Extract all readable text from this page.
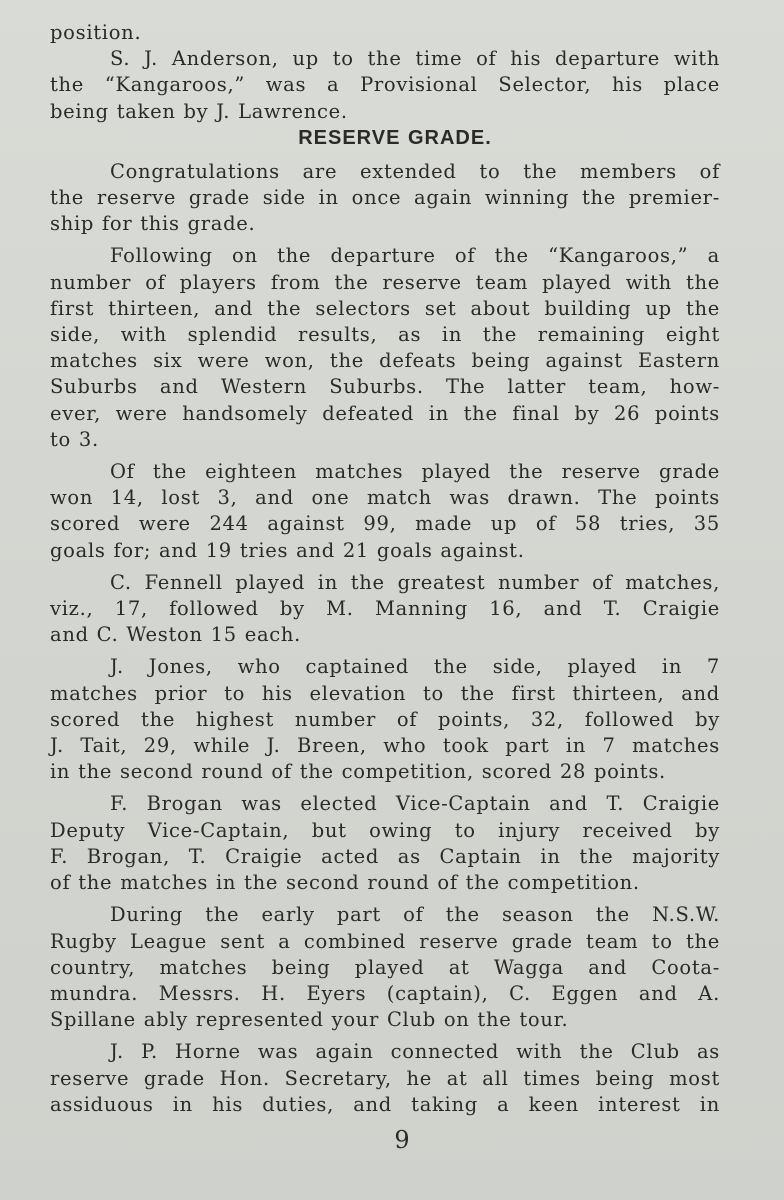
position.

S. J. Anderson, up to the time of his departure with

the “Kangaroos,” was a Provisional Selector, his place

being taken by J. Lawrence.

RESERVE GRADE.

Congratulations are extended to the members of

the reserve grade side in once again winning the premier-

ship for this grade.

Following on the departure of the “Kangaroos,” a

number of players from the reserve team played with the

first thirteen, and the selectors set about building up the

side, with splendid results, as in the remaining eight

matches six were won, the defeats being against Eastern

Suburbs and Western Suburbs. The latter team, how-

ever, were handsomely defeated in the final by 26 points

to 3.

Of the eighteen matches played the reserve grade

won 14, lost 3, and one match was drawn. The points

scored were 244 against 99, made up of 58 tries, 35

goals for; and 19 tries and 21 goals against.

C. Fennell played in the greatest number of matches,

viz., 17, followed by M. Manning 16, and T. Craigie

and C. Weston 15 each.

J. Jones, who captained the side, played in 7

matches prior to his elevation to the first thirteen, and

scored the highest number of points, 32, followed by

J. Tait, 29, while J. Breen, who took part in 7 matches

in the second round of the competition, scored 28 points.

F. Brogan was elected Vice-Captain and T. Craigie

Deputy Vice-Captain, but owing to injury received by

F. Brogan, T. Craigie acted as Captain in the majority

of the matches in the second round of the competition.

During the early part of the season the N.S.W.

Rugby League sent a combined reserve grade team to the

country, matches being played at Wagga and Coota-

mundra. Messrs. H. Eyers (captain), C. Eggen and A.

Spillane ably represented your Club on the tour.

J. P. Horne was again connected with the Club as

reserve grade Hon. Secretary, he at all times being most

assiduous in his duties, and taking a keen interest in

9
